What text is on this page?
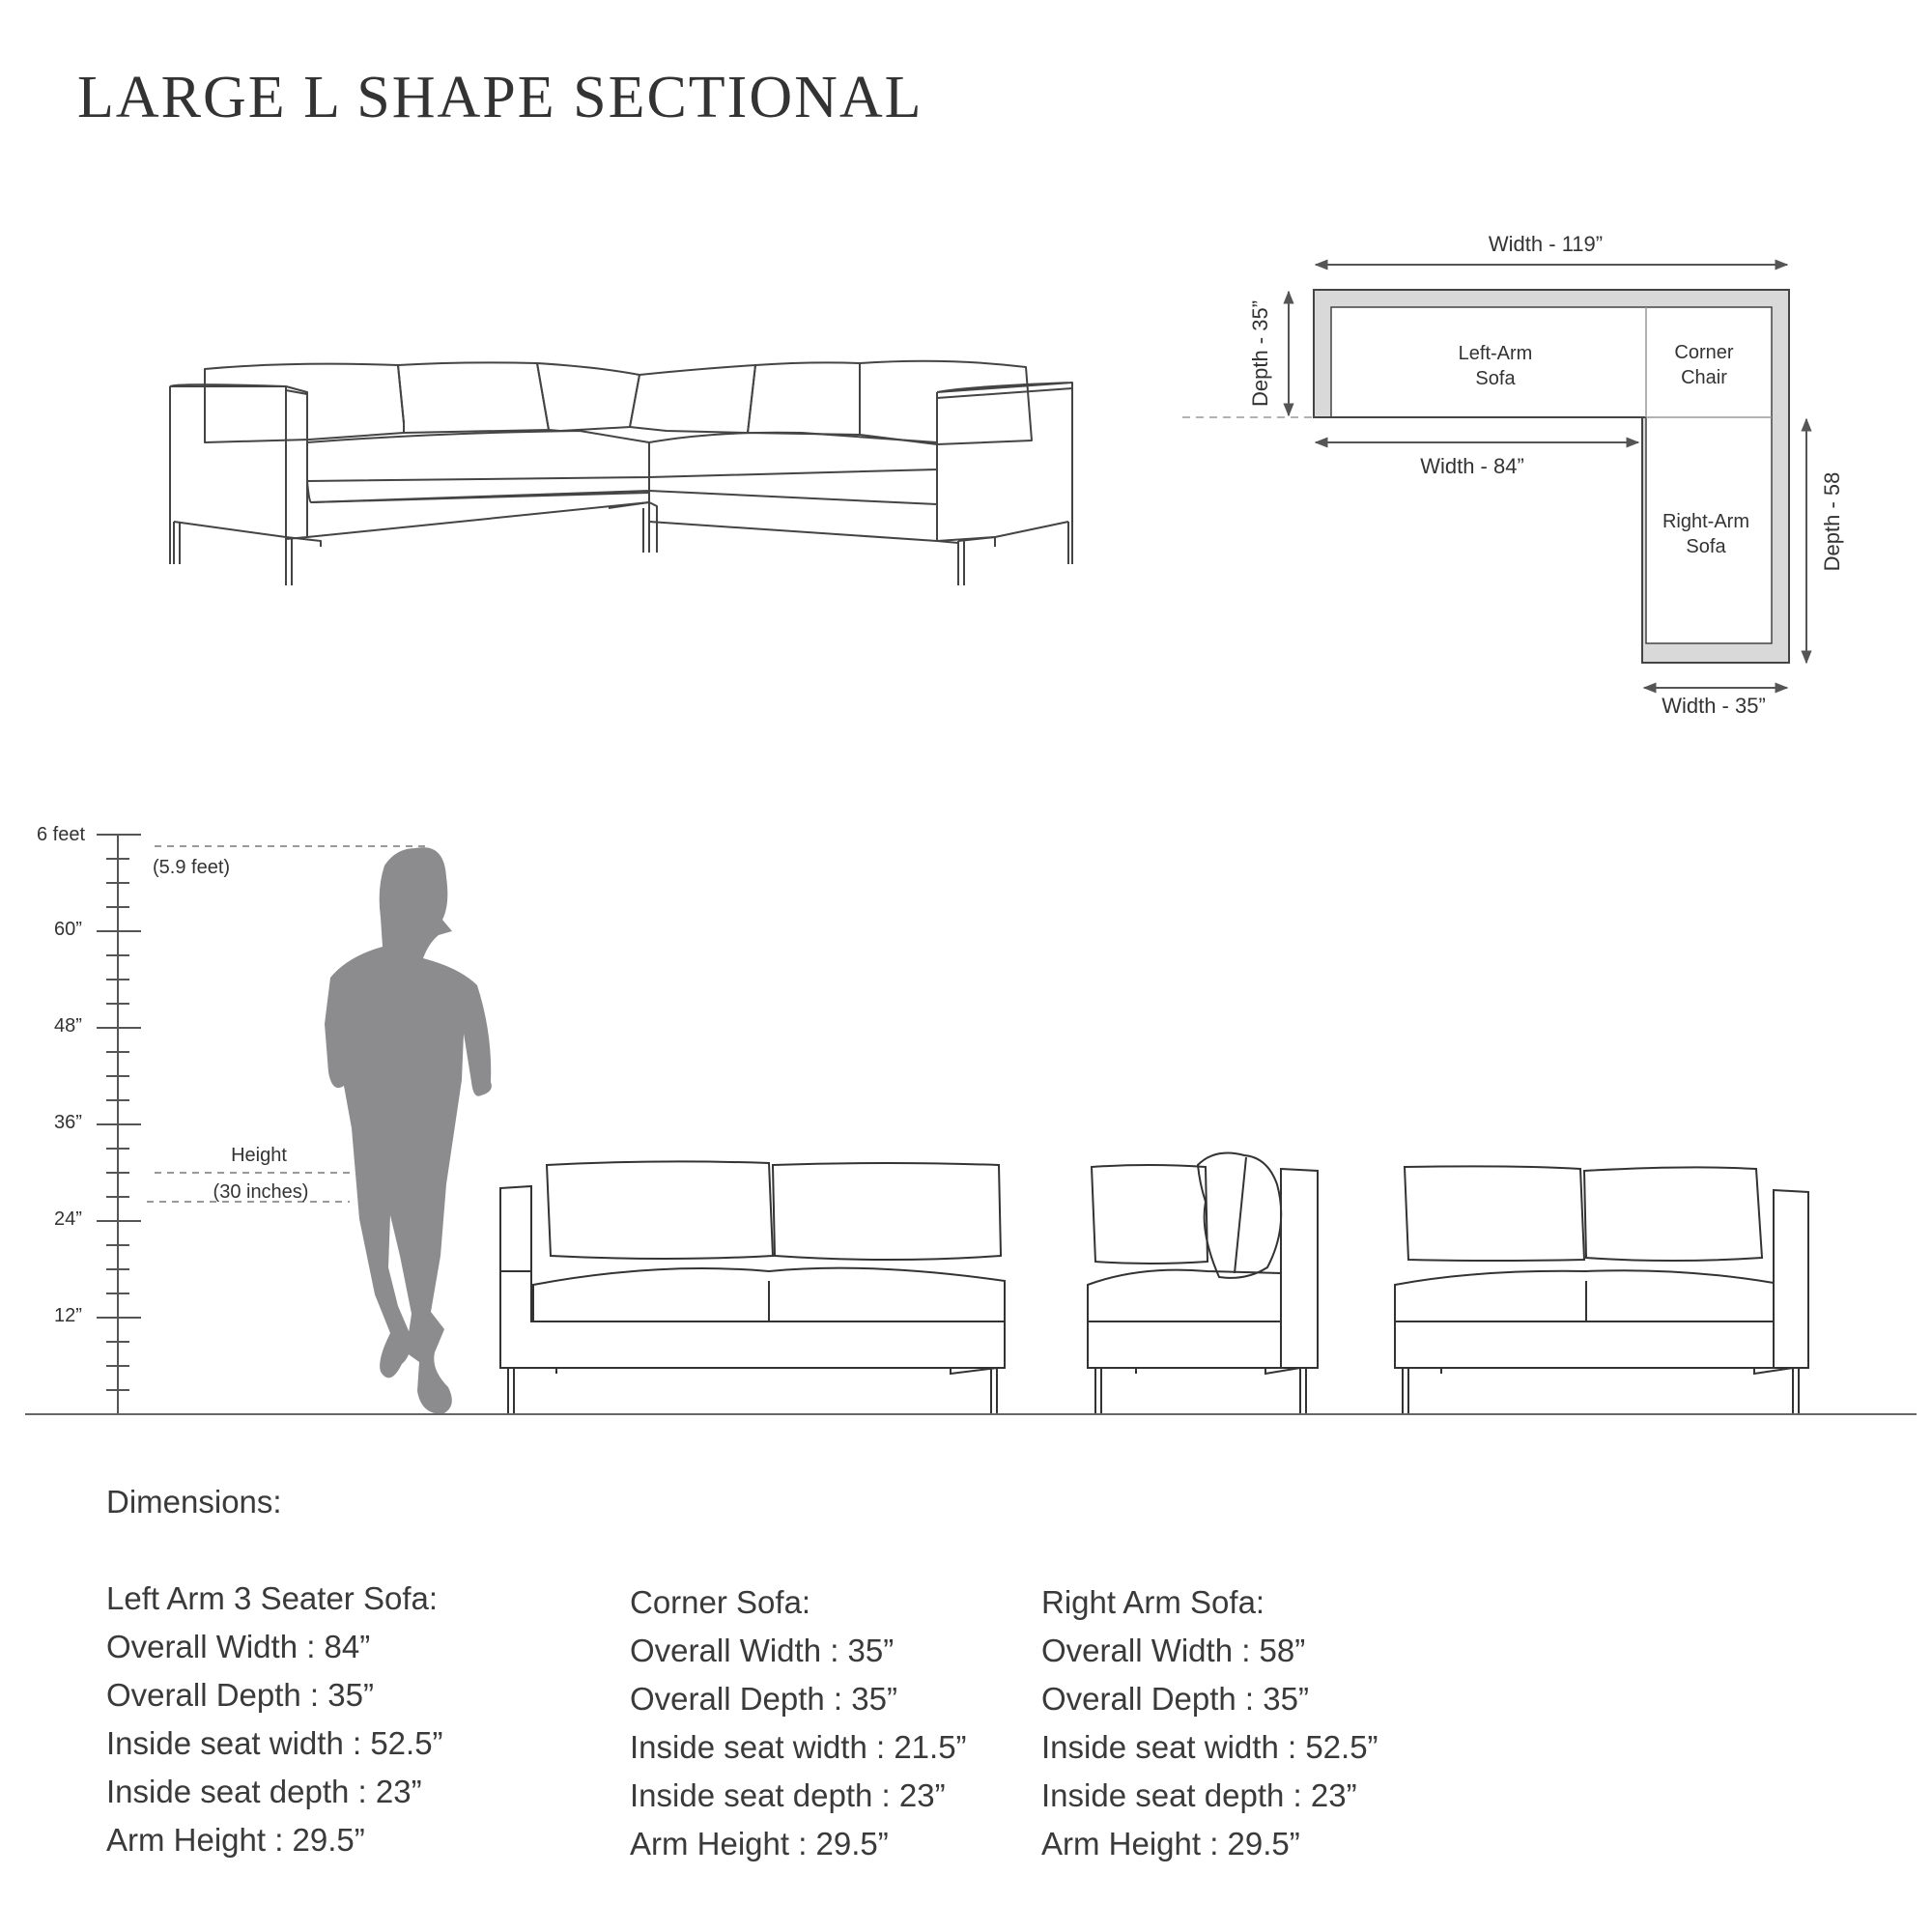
LARGE L SHAPE SECTIONAL
Width - 119”
Depth - 35”
Width - 84”
Depth - 58
Width - 35”
Left-Arm
Sofa
Corner
Chair
Right-Arm
Sofa
6 feet
60”
48”
36”
24”
12”
(5.9 feet)
Height
(30 inches)
Dimensions:
Left Arm 3 Seater Sofa:
Overall Width : 84”
Overall Depth : 35”
Inside seat width : 52.5”
Inside seat depth : 23”
Arm Height : 29.5”
Corner Sofa:
Overall Width : 35”
Overall Depth : 35”
Inside seat width : 21.5”
Inside seat depth : 23”
Arm Height : 29.5”
Right Arm Sofa:
Overall Width : 58”
Overall Depth : 35”
Inside seat width : 52.5”
Inside seat depth : 23”
Arm Height : 29.5”
